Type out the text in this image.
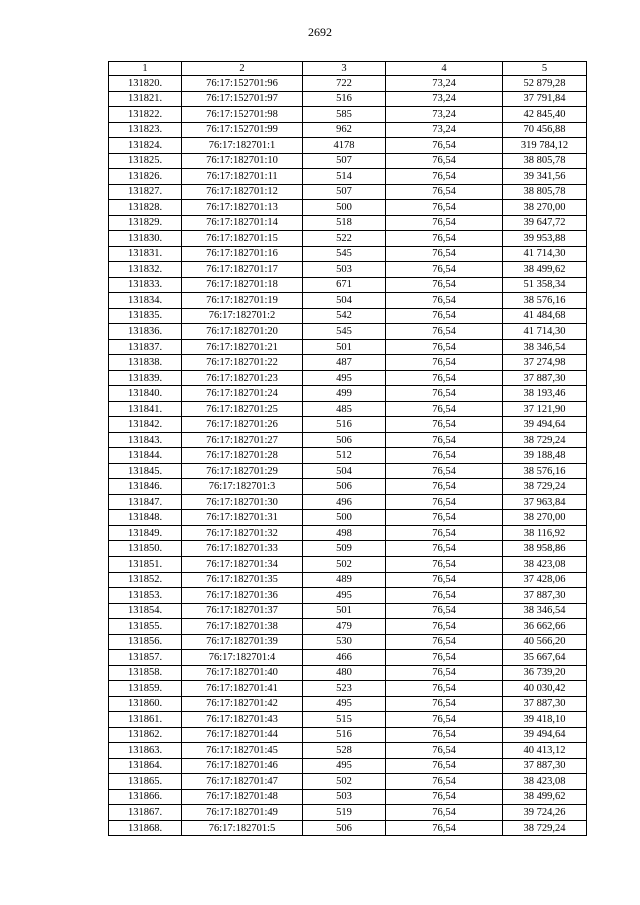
2692
1	2	3	4	5
131820.	76:17:152701:96	722	73,24	52 879,28
131821.	76:17:152701:97	516	73,24	37 791,84
131822.	76:17:152701:98	585	73,24	42 845,40
131823.	76:17:152701:99	962	73,24	70 456,88
131824.	76:17:182701:1	4178	76,54	319 784,12
131825.	76:17:182701:10	507	76,54	38 805,78
131826.	76:17:182701:11	514	76,54	39 341,56
131827.	76:17:182701:12	507	76,54	38 805,78
131828.	76:17:182701:13	500	76,54	38 270,00
131829.	76:17:182701:14	518	76,54	39 647,72
131830.	76:17:182701:15	522	76,54	39 953,88
131831.	76:17:182701:16	545	76,54	41 714,30
131832.	76:17:182701:17	503	76,54	38 499,62
131833.	76:17:182701:18	671	76,54	51 358,34
131834.	76:17:182701:19	504	76,54	38 576,16
131835.	76:17:182701:2	542	76,54	41 484,68
131836.	76:17:182701:20	545	76,54	41 714,30
131837.	76:17:182701:21	501	76,54	38 346,54
131838.	76:17:182701:22	487	76,54	37 274,98
131839.	76:17:182701:23	495	76,54	37 887,30
131840.	76:17:182701:24	499	76,54	38 193,46
131841.	76:17:182701:25	485	76,54	37 121,90
131842.	76:17:182701:26	516	76,54	39 494,64
131843.	76:17:182701:27	506	76,54	38 729,24
131844.	76:17:182701:28	512	76,54	39 188,48
131845.	76:17:182701:29	504	76,54	38 576,16
131846.	76:17:182701:3	506	76,54	38 729,24
131847.	76:17:182701:30	496	76,54	37 963,84
131848.	76:17:182701:31	500	76,54	38 270,00
131849.	76:17:182701:32	498	76,54	38 116,92
131850.	76:17:182701:33	509	76,54	38 958,86
131851.	76:17:182701:34	502	76,54	38 423,08
131852.	76:17:182701:35	489	76,54	37 428,06
131853.	76:17:182701:36	495	76,54	37 887,30
131854.	76:17:182701:37	501	76,54	38 346,54
131855.	76:17:182701:38	479	76,54	36 662,66
131856.	76:17:182701:39	530	76,54	40 566,20
131857.	76:17:182701:4	466	76,54	35 667,64
131858.	76:17:182701:40	480	76,54	36 739,20
131859.	76:17:182701:41	523	76,54	40 030,42
131860.	76:17:182701:42	495	76,54	37 887,30
131861.	76:17:182701:43	515	76,54	39 418,10
131862.	76:17:182701:44	516	76,54	39 494,64
131863.	76:17:182701:45	528	76,54	40 413,12
131864.	76:17:182701:46	495	76,54	37 887,30
131865.	76:17:182701:47	502	76,54	38 423,08
131866.	76:17:182701:48	503	76,54	38 499,62
131867.	76:17:182701:49	519	76,54	39 724,26
131868.	76:17:182701:5	506	76,54	38 729,24
